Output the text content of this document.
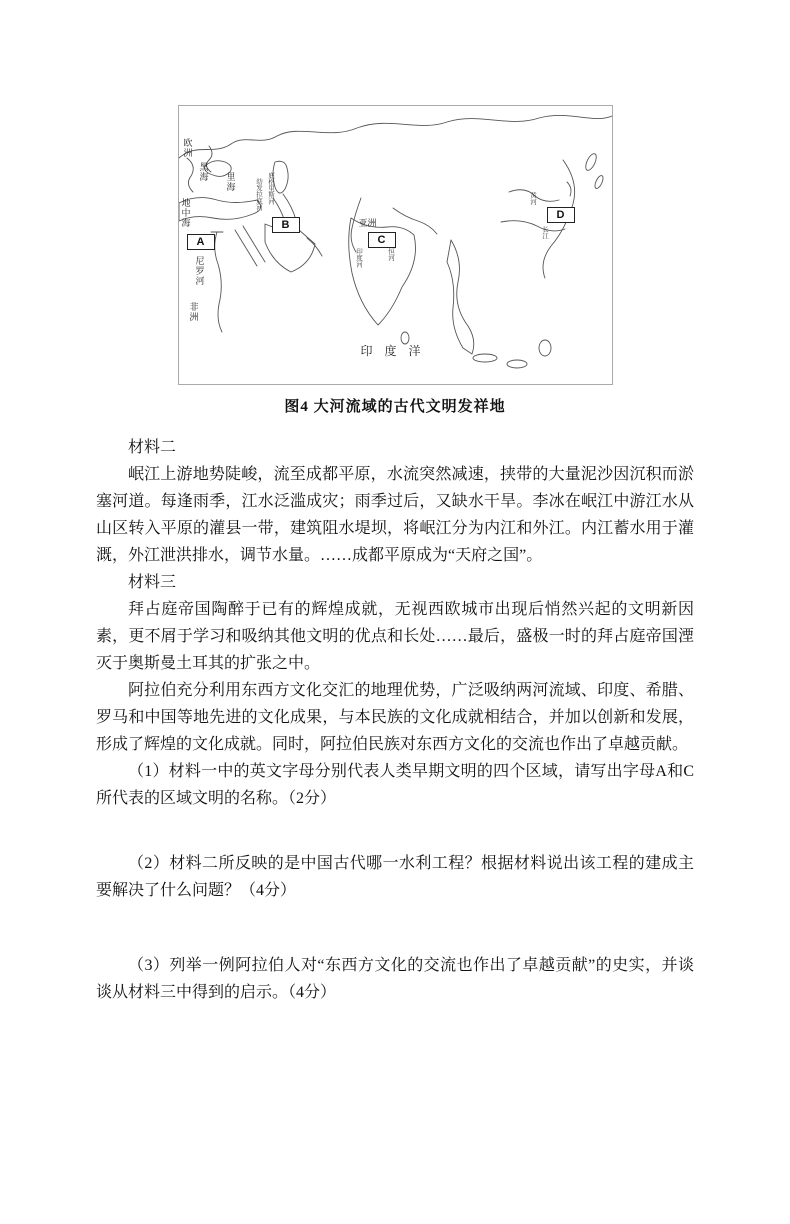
欧洲
黑海 里海
地中海
尼罗河
非洲
幼发拉底河 底格里斯河
亚洲
印度河	恒河
黄河
长江
印度洋
A
B
C
D
图4 大河流域的古代文明发祥地

材料二

岷江上游地势陡峻，流至成都平原，水流突然减速，挟带的大量泥沙因沉积而淤塞河道。每逢雨季，江水泛滥成灾；雨季过后，又缺水干旱。李冰在岷江中游江水从山区转入平原的灌县一带，建筑阻水堤坝，将岷江分为内江和外江。内江蓄水用于灌溉，外江泄洪排水，调节水量。……成都平原成为“天府之国”。

材料三

拜占庭帝国陶醉于已有的辉煌成就，无视西欧城市出现后悄然兴起的文明新因素，更不屑于学习和吸纳其他文明的优点和长处……最后，盛极一时的拜占庭帝国湮灭于奥斯曼土耳其的扩张之中。

阿拉伯充分利用东西方文化交汇的地理优势，广泛吸纳两河流域、印度、希腊、罗马和中国等地先进的文化成果，与本民族的文化成就相结合，并加以创新和发展，形成了辉煌的文化成就。同时，阿拉伯民族对东西方文化的交流也作出了卓越贡献。

（1）材料一中的英文字母分别代表人类早期文明的四个区域，请写出字母A和C所代表的区域文明的名称。（2分）

（2）材料二所反映的是中国古代哪一水利工程？根据材料说出该工程的建成主要解决了什么问题？（4分）

（3）列举一例阿拉伯人对“东西方文化的交流也作出了卓越贡献”的史实，并谈谈从材料三中得到的启示。（4分）
